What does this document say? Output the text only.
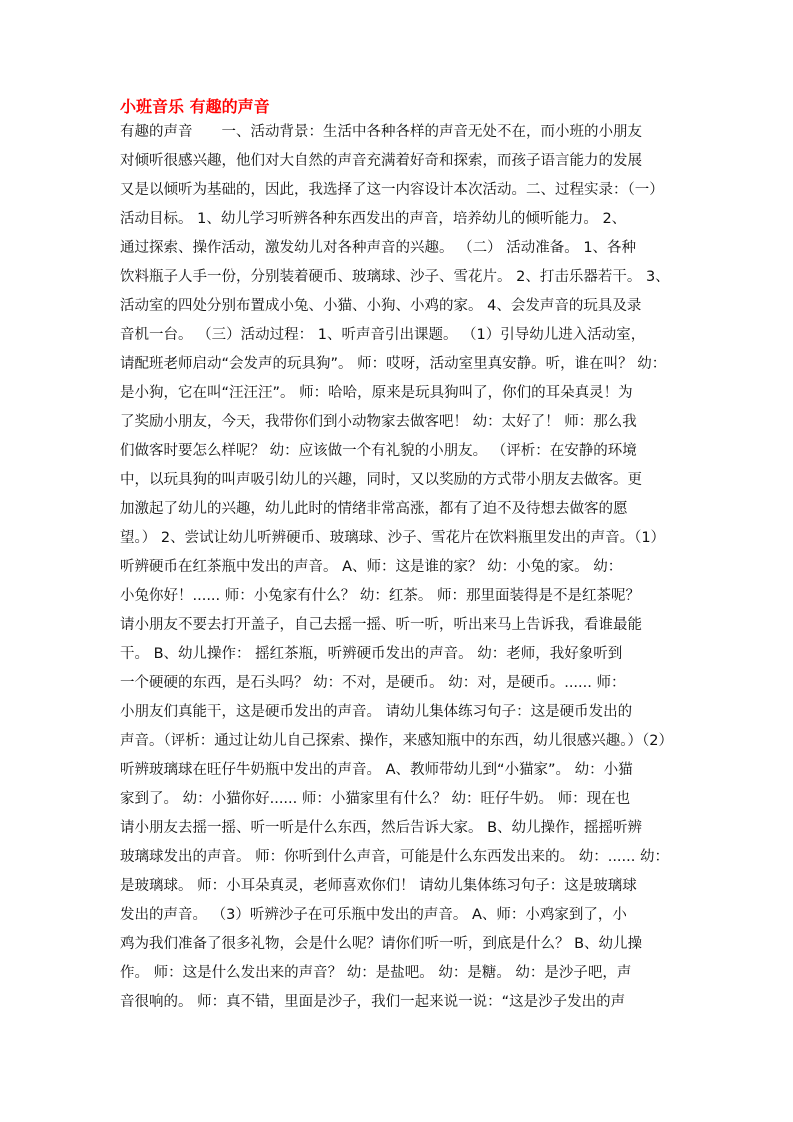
小班音乐 有趣的声音
有趣的声音　　一、活动背景：生活中各种各样的声音无处不在，而小班的小朋友
对倾听很感兴趣，他们对大自然的声音充满着好奇和探索，而孩子语言能力的发展
又是以倾听为基础的，因此，我选择了这一内容设计本次活动。二、过程实录：（一）
活动目标。 1、幼儿学习听辨各种东西发出的声音，培养幼儿的倾听能力。 2、
通过探索、操作活动，激发幼儿对各种声音的兴趣。 （二） 活动准备。 1、各种
饮料瓶子人手一份，分别装着硬币、玻璃球、沙子、雪花片。 2、打击乐器若干。 3、
活动室的四处分别布置成小兔、小猫、小狗、小鸡的家。 4、会发声音的玩具及录
音机一台。 （三）活动过程： 1、听声音引出课题。 （1）引导幼儿进入活动室，
请配班老师启动“会发声的玩具狗”。 师：哎呀，活动室里真安静。听，谁在叫？ 幼：
是小狗，它在叫“汪汪汪”。 师：哈哈，原来是玩具狗叫了，你们的耳朵真灵！为
了奖励小朋友，今天，我带你们到小动物家去做客吧！ 幼：太好了！ 师：那么我
们做客时要怎么样呢？ 幼：应该做一个有礼貌的小朋友。 （评析：在安静的环境
中，以玩具狗的叫声吸引幼儿的兴趣，同时，又以奖励的方式带小朋友去做客。更
加激起了幼儿的兴趣，幼儿此时的情绪非常高涨，都有了迫不及待想去做客的愿
望。） 2、尝试让幼儿听辨硬币、玻璃球、沙子、雪花片在饮料瓶里发出的声音。（1）
听辨硬币在红茶瓶中发出的声音。 A、师：这是谁的家？ 幼：小兔的家。 幼：
小兔你好！...... 师：小兔家有什么？ 幼：红茶。 师：那里面装得是不是红茶呢？
请小朋友不要去打开盖子，自己去摇一摇、听一听，听出来马上告诉我，看谁最能
干。 B、幼儿操作： 摇红茶瓶，听辨硬币发出的声音。 幼：老师，我好象听到
一个硬硬的东西，是石头吗？ 幼：不对，是硬币。 幼：对，是硬币。...... 师：
小朋友们真能干，这是硬币发出的声音。 请幼儿集体练习句子：这是硬币发出的
声音。（评析：通过让幼儿自己探索、操作，来感知瓶中的东西，幼儿很感兴趣。）（2）
听辨玻璃球在旺仔牛奶瓶中发出的声音。 A、教师带幼儿到“小猫家”。 幼：小猫
家到了。 幼：小猫你好...... 师：小猫家里有什么？ 幼：旺仔牛奶。 师：现在也
请小朋友去摇一摇、听一听是什么东西，然后告诉大家。 B、幼儿操作，摇摇听辨
玻璃球发出的声音。 师：你听到什么声音，可能是什么东西发出来的。 幼：...... 幼：
是玻璃球。 师：小耳朵真灵，老师喜欢你们！ 请幼儿集体练习句子：这是玻璃球
发出的声音。 （3）听辨沙子在可乐瓶中发出的声音。 A、师：小鸡家到了，小
鸡为我们准备了很多礼物，会是什么呢？请你们听一听，到底是什么？ B、幼儿操
作。 师：这是什么发出来的声音？ 幼：是盐吧。 幼：是糖。 幼：是沙子吧，声
音很响的。 师：真不错，里面是沙子，我们一起来说一说：“这是沙子发出的声
